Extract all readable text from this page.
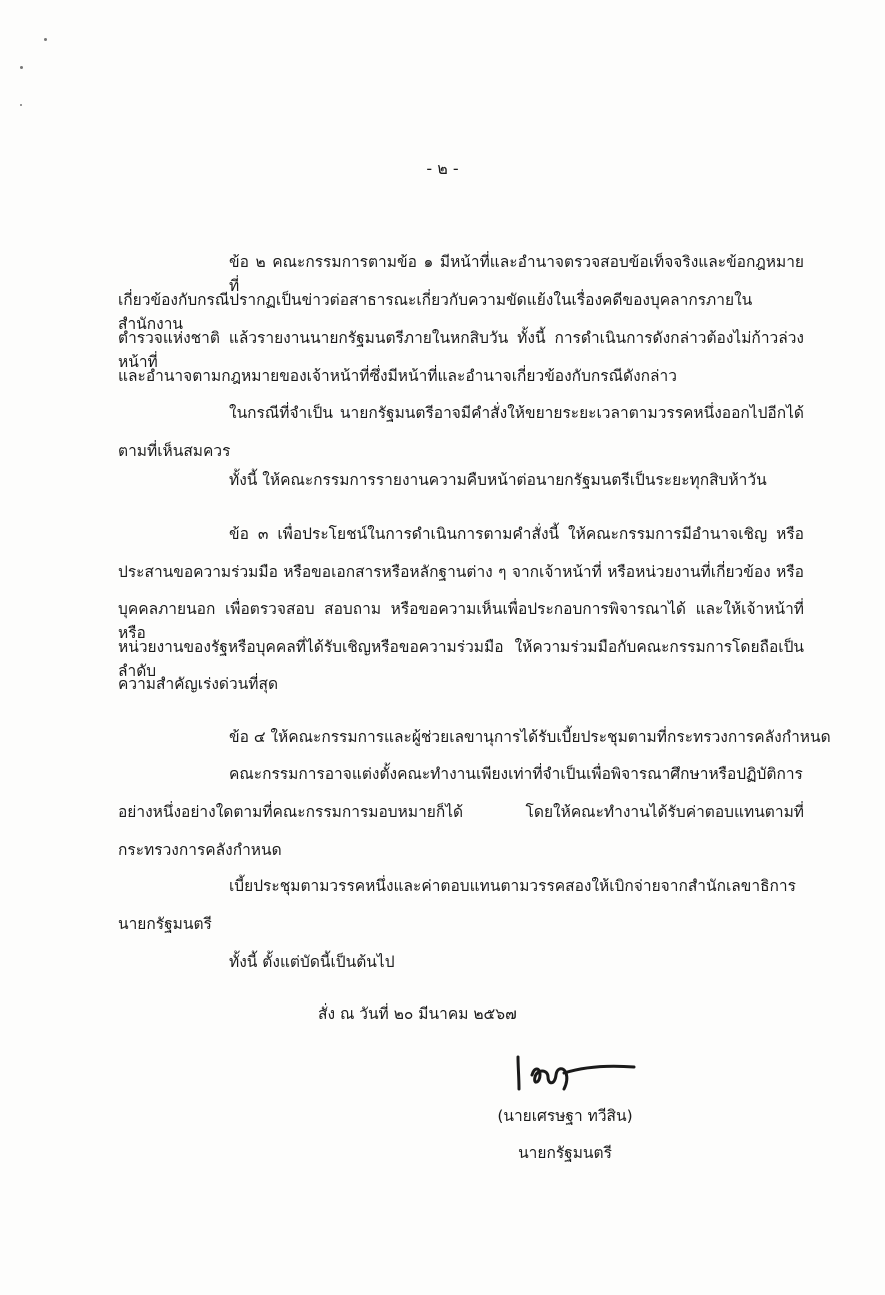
- ๒ -
ข้อ ๒ คณะกรรมการตามข้อ ๑ มีหน้าที่และอำนาจตรวจสอบข้อเท็จจริงและข้อกฎหมายที่
เกี่ยวข้องกับกรณีปรากฏเป็นข่าวต่อสาธารณะเกี่ยวกับความขัดแย้งในเรื่องคดีของบุคลากรภายในสำนักงาน
ตำรวจแห่งชาติ แล้วรายงานนายกรัฐมนตรีภายในหกสิบวัน ทั้งนี้ การดำเนินการดังกล่าวต้องไม่ก้าวล่วงหน้าที่
และอำนาจตามกฎหมายของเจ้าหน้าที่ซึ่งมีหน้าที่และอำนาจเกี่ยวข้องกับกรณีดังกล่าว
ในกรณีที่จำเป็น นายกรัฐมนตรีอาจมีคำสั่งให้ขยายระยะเวลาตามวรรคหนึ่งออกไปอีกได้
ตามที่เห็นสมควร
ทั้งนี้ ให้คณะกรรมการรายงานความคืบหน้าต่อนายกรัฐมนตรีเป็นระยะทุกสิบห้าวัน
ข้อ ๓ เพื่อประโยชน์ในการดำเนินการตามคำสั่งนี้ ให้คณะกรรมการมีอำนาจเชิญ หรือ
ประสานขอความร่วมมือ หรือขอเอกสารหรือหลักฐานต่าง ๆ จากเจ้าหน้าที่ หรือหน่วยงานที่เกี่ยวข้อง หรือ
บุคคลภายนอก เพื่อตรวจสอบ สอบถาม หรือขอความเห็นเพื่อประกอบการพิจารณาได้ และให้เจ้าหน้าที่หรือ
หน่วยงานของรัฐหรือบุคคลที่ได้รับเชิญหรือขอความร่วมมือ ให้ความร่วมมือกับคณะกรรมการโดยถือเป็นลำดับ
ความสำคัญเร่งด่วนที่สุด
ข้อ ๔ ให้คณะกรรมการและผู้ช่วยเลขานุการได้รับเบี้ยประชุมตามที่กระทรวงการคลังกำหนด
คณะกรรมการอาจแต่งตั้งคณะทำงานเพียงเท่าที่จำเป็นเพื่อพิจารณาศึกษาหรือปฏิบัติการ
อย่างหนึ่งอย่างใดตามที่คณะกรรมการมอบหมายก็ได้ โดยให้คณะทำงานได้รับค่าตอบแทนตามที่
กระทรวงการคลังกำหนด
เบี้ยประชุมตามวรรคหนึ่งและค่าตอบแทนตามวรรคสองให้เบิกจ่ายจากสำนักเลขาธิการ
นายกรัฐมนตรี
ทั้งนี้ ตั้งแต่บัดนี้เป็นต้นไป
สั่ง ณ วันที่ ๒๐ มีนาคม ๒๕๖๗
(นายเศรษฐา ทวีสิน)
นายกรัฐมนตรี
